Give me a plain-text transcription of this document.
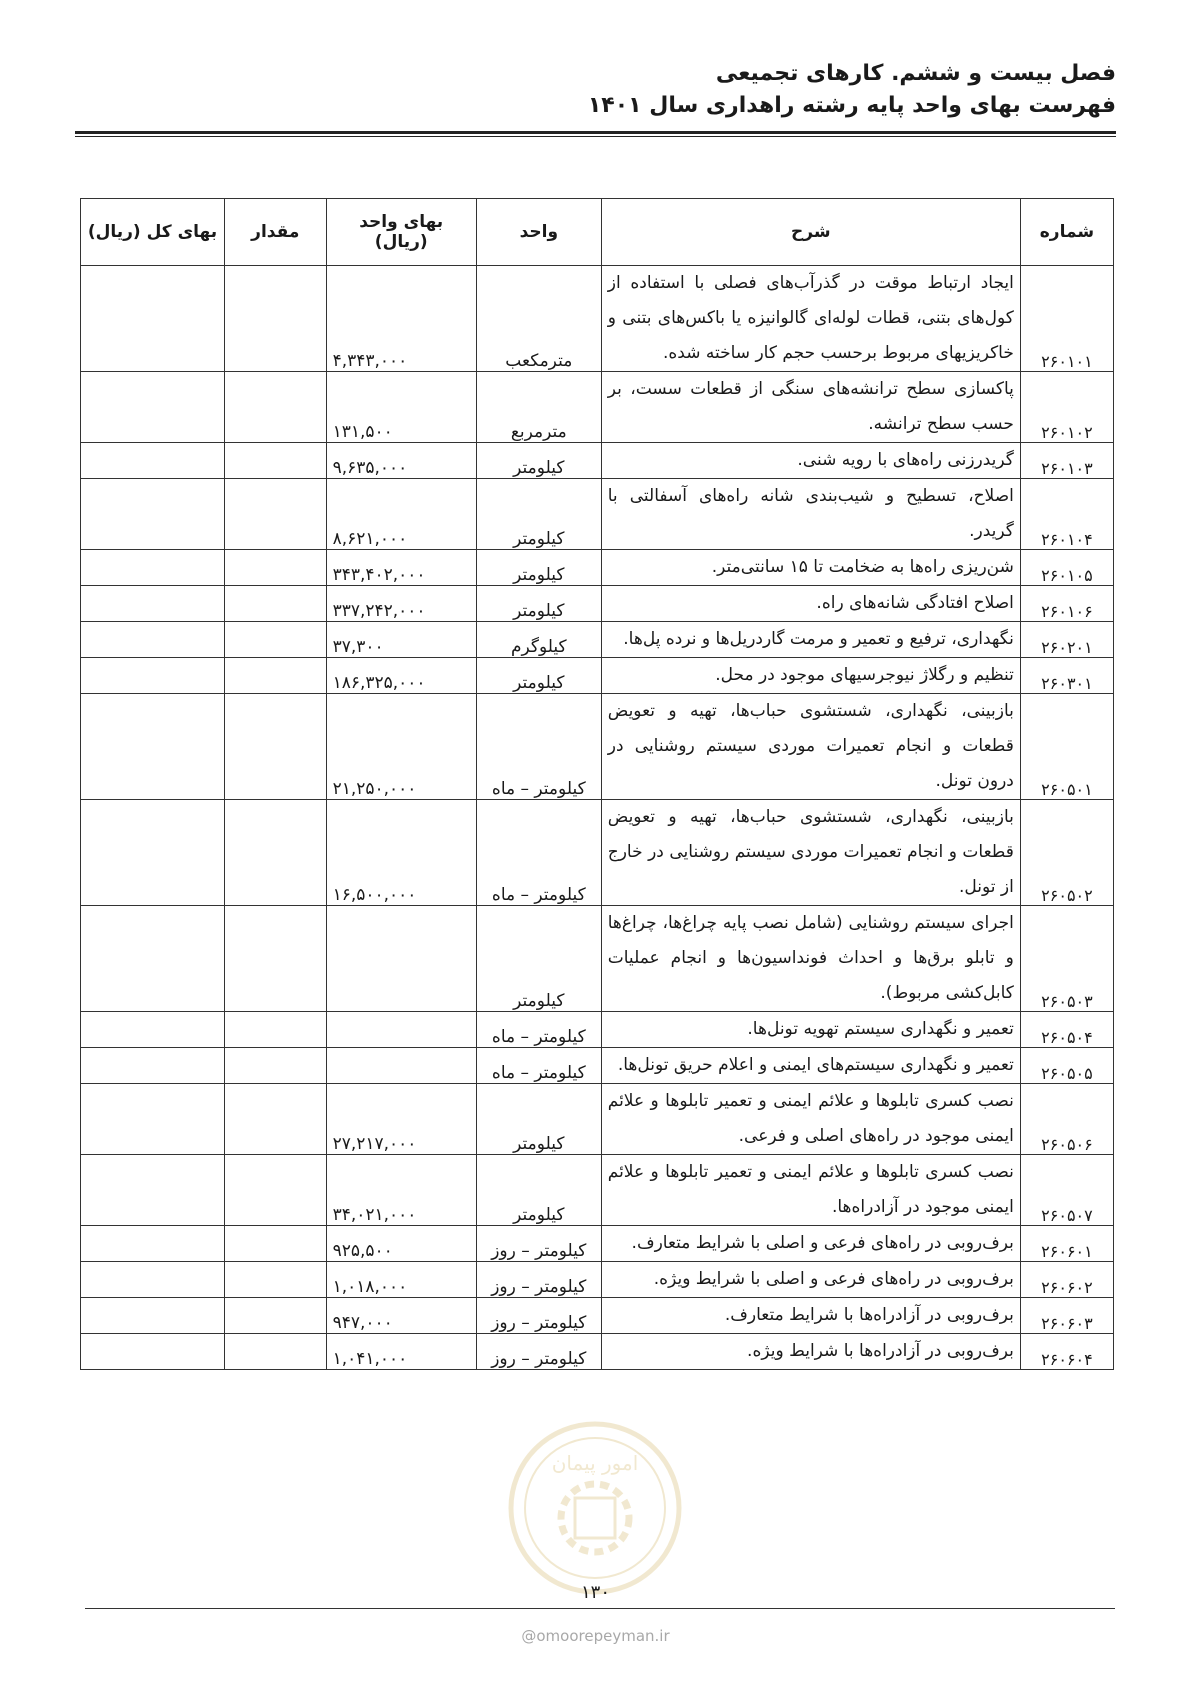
فصل بیست و ششم. کارهای تجمیعی
فهرست بهای واحد پایه رشته راهداری سال ۱۴۰۱
شماره	شرح	واحد	بهای واحد (ریال)	مقدار	بهای کل (ریال)
۲۶۰۱۰۱	ایجاد ارتباط موقت در گذرآب‌های فصلی با استفاده از کول‌های بتنی، قطات لوله‌ای گالوانیزه یا باکس‌های بتنی و خاکریزیهای مربوط برحسب حجم کار ساخته شده.	مترمکعب	۴,۳۴۳,۰۰۰		
۲۶۰۱۰۲	پاکسازی سطح ترانشه‌های سنگی از قطعات سست، بر حسب سطح ترانشه.	مترمربع	۱۳۱,۵۰۰		
۲۶۰۱۰۳	گریدرزنی راه‌های با رویه شنی.	کیلومتر	۹,۶۳۵,۰۰۰		
۲۶۰۱۰۴	اصلاح، تسطیح و شیب‌بندی شانه راه‌های آسفالتی با گریدر.	کیلومتر	۸,۶۲۱,۰۰۰		
۲۶۰۱۰۵	شن‌ریزی راه‌ها به ضخامت تا ۱۵ سانتی‌متر.	کیلومتر	۳۴۳,۴۰۲,۰۰۰		
۲۶۰۱۰۶	اصلاح افتادگی شانه‌های راه.	کیلومتر	۳۳۷,۲۴۲,۰۰۰		
۲۶۰۲۰۱	نگهداری، ترفیع و تعمیر و مرمت گاردریل‌ها و نرده پل‌ها.	کیلوگرم	۳۷,۳۰۰		
۲۶۰۳۰۱	تنظیم و رگلاژ نیوجرسیهای موجود در محل.	کیلومتر	۱۸۶,۳۲۵,۰۰۰		
۲۶۰۵۰۱	بازبینی، نگهداری، شستشوی حباب‌ها، تهیه و تعویض قطعات و انجام تعمیرات موردی سیستم روشنایی در درون تونل.	کیلومتر – ماه	۲۱,۲۵۰,۰۰۰		
۲۶۰۵۰۲	بازبینی، نگهداری، شستشوی حباب‌ها، تهیه و تعویض قطعات و انجام تعمیرات موردی سیستم روشنایی در خارج از تونل.	کیلومتر – ماه	۱۶,۵۰۰,۰۰۰		
۲۶۰۵۰۳	اجرای سیستم روشنایی (شامل نصب پایه چراغ‌ها، چراغ‌ها و تابلو برق‌ها و احداث فونداسیون‌ها و انجام عملیات کابل‌کشی مربوط).	کیلومتر			
۲۶۰۵۰۴	تعمیر و نگهداری سیستم تهویه تونل‌ها.	کیلومتر – ماه			
۲۶۰۵۰۵	تعمیر و نگهداری سیستم‌های ایمنی و اعلام حریق تونل‌ها.	کیلومتر – ماه			
۲۶۰۵۰۶	نصب کسری تابلوها و علائم ایمنی و تعمیر تابلوها و علائم ایمنی موجود در راه‌های اصلی و فرعی.	کیلومتر	۲۷,۲۱۷,۰۰۰		
۲۶۰۵۰۷	نصب کسری تابلوها و علائم ایمنی و تعمیر تابلوها و علائم ایمنی موجود در آزادراه‌ها.	کیلومتر	۳۴,۰۲۱,۰۰۰		
۲۶۰۶۰۱	برف‌روبی در راه‌های فرعی و اصلی با شرایط متعارف.	کیلومتر – روز	۹۲۵,۵۰۰		
۲۶۰۶۰۲	برف‌روبی در راه‌های فرعی و اصلی با شرایط ویژه.	کیلومتر – روز	۱,۰۱۸,۰۰۰		
۲۶۰۶۰۳	برف‌روبی در آزادراه‌ها با شرایط متعارف.	کیلومتر – روز	۹۴۷,۰۰۰		
۲۶۰۶۰۴	برف‌روبی در آزادراه‌ها با شرایط ویژه.	کیلومتر – روز	۱,۰۴۱,۰۰۰		
امور پیمان
۱۳۰
@omoorepeyman.ir
